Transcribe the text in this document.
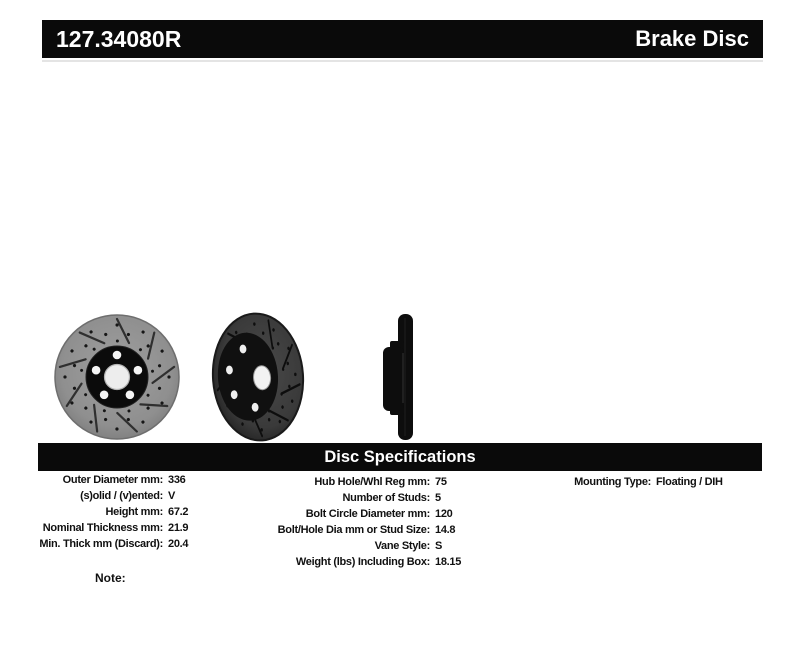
127.34080R	Brake Disc
Disc Specifications
Outer Diameter mm: 336
(s)olid / (v)ented: V
Height mm: 67.2
Nominal Thickness mm: 21.9
Min. Thick mm (Discard): 20.4
Hub Hole/Whl Reg mm: 75
Number of Studs: 5
Bolt Circle Diameter mm: 120
Bolt/Hole Dia mm or Stud Size: 14.8
Vane Style: S
Weight (lbs) Including Box: 18.15
Mounting Type: Floating / DIH
Note:
